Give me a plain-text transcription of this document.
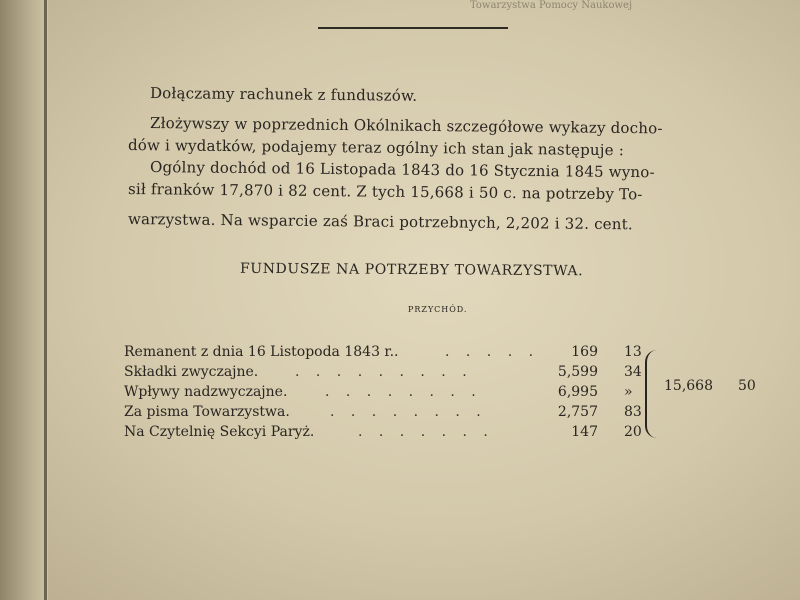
Towarzystwa Pomocy Naukowej
Dołączamy rachunek z funduszów.
Złożywszy w poprzednich Okólnikach szczegółowe wykazy docho-
dów i wydatków, podajemy teraz ogólny ich stan jak następuje :
Ogólny dochód od 16 Listopada 1843 do 16 Stycznia 1845 wyno-
sił franków 17,870 i 82 cent. Z tych 15,668 i 50 c. na potrzeby To-
warzystwa. Na wsparcie zaś Braci potrzebnych, 2,202 i 32. cent.
FUNDUSZE NA POTRZEBY TOWARZYSTWA.
PRZYCHÓD.
Remanent z dnia 16 Listopoda 1843 r..	. . . . . 169 13
Składki zwyczajne.	. . . . . . . . .	5,599 34
Wpływy nadzwyczajne.	. . . . . . . .	6,995 »
Za pisma Towarzystwa.	. . . . . . . .	2,757 83
Na Czytelnię Sekcyi Paryż.	. . . . . . .	147 20
15,668 50
